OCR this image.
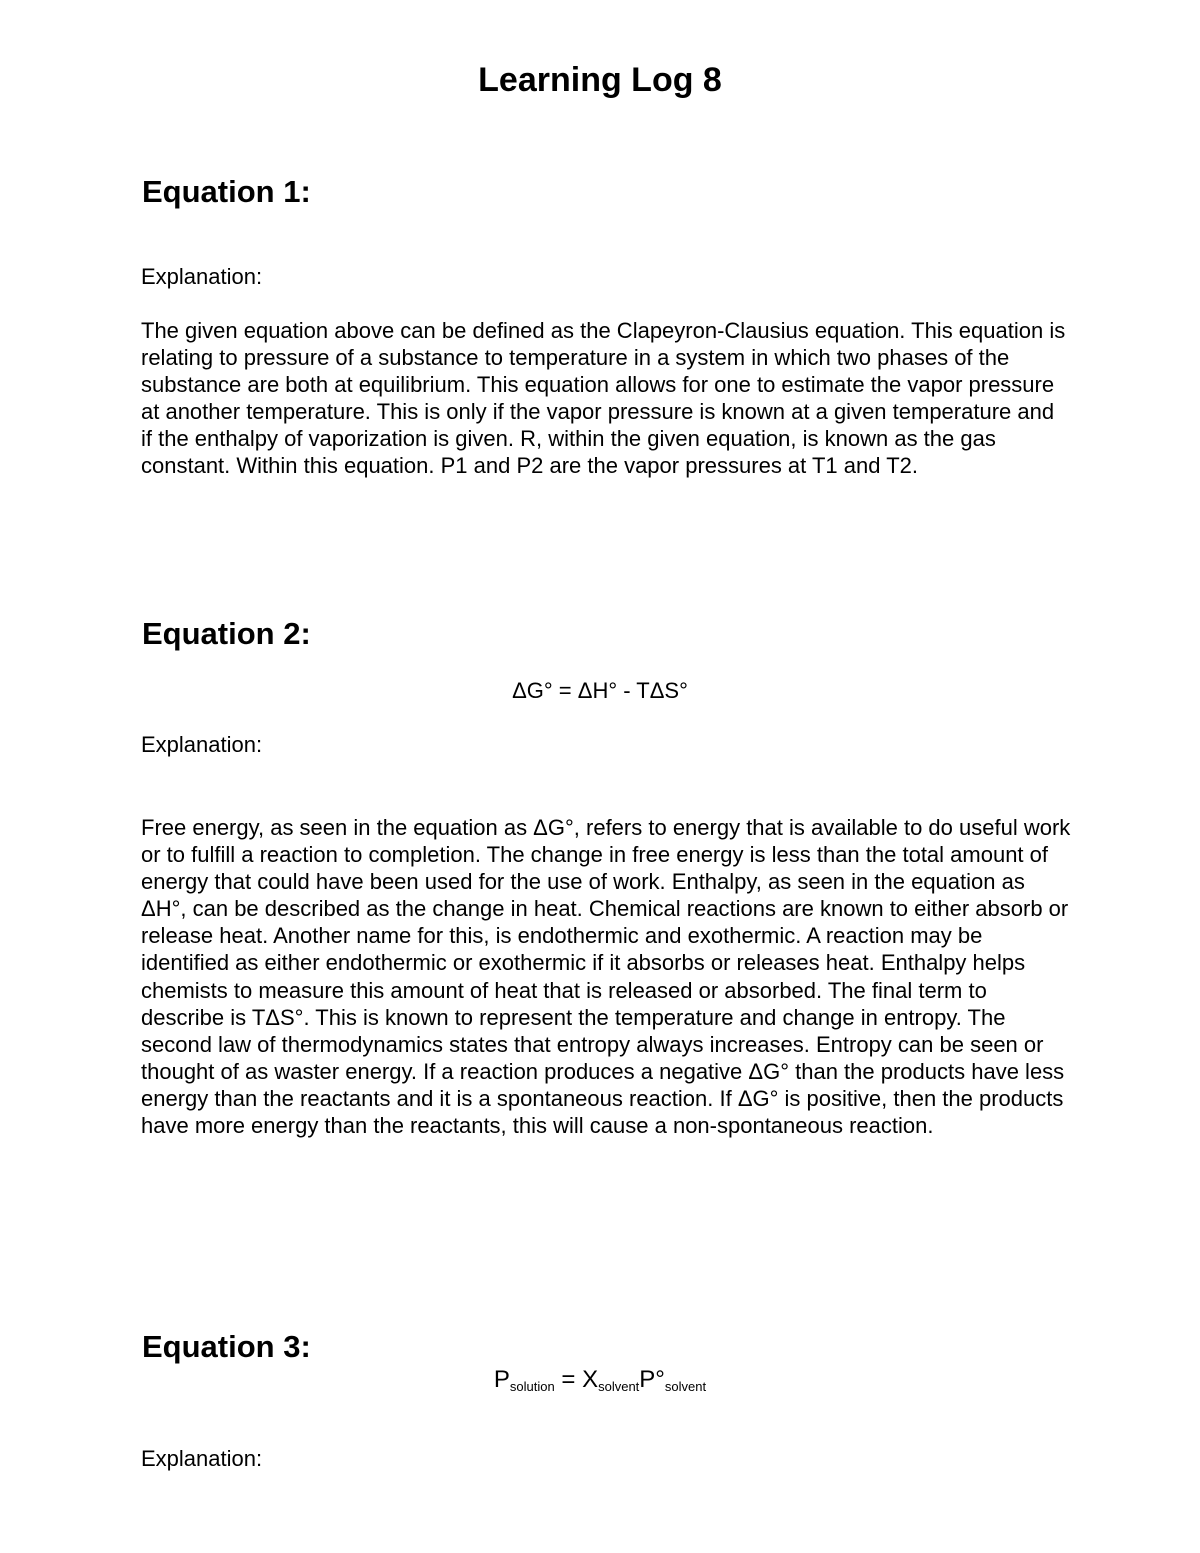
Learning Log 8
Equation 1:
Explanation:

The given equation above can be defined as the Clapeyron-Clausius equation. This equation is relating to pressure of a substance to temperature in a system in which two phases of the substance are both at equilibrium. This equation allows for one to estimate the vapor pressure at another temperature. This is only if the vapor pressure is known at a given temperature and if the enthalpy of vaporization is given. R, within the given equation, is known as the gas constant. Within this equation. P1 and P2 are the vapor pressures at T1 and T2.

Equation 2:
ΔG° = ΔH° - TΔS°
Explanation:

Free energy, as seen in the equation as ΔG°, refers to energy that is available to do useful work or to fulfill a reaction to completion. The change in free energy is less than the total amount of energy that could have been used for the use of work. Enthalpy, as seen in the equation as ΔH°, can be described as the change in heat. Chemical reactions are known to either absorb or release heat. Another name for this, is endothermic and exothermic. A reaction may be identified as either endothermic or exothermic if it absorbs or releases heat. Enthalpy helps chemists to measure this amount of heat that is released or absorbed. The final term to describe is TΔS°. This is known to represent the temperature and change in entropy. The second law of thermodynamics states that entropy always increases. Entropy can be seen or thought of as waster energy. If a reaction produces a negative ΔG° than the products have less energy than the reactants and it is a spontaneous reaction. If ΔG° is positive, then the products have more energy than the reactants, this will cause a non-spontaneous reaction.

Equation 3:
Psolution = XsolventP°solvent
Explanation:
